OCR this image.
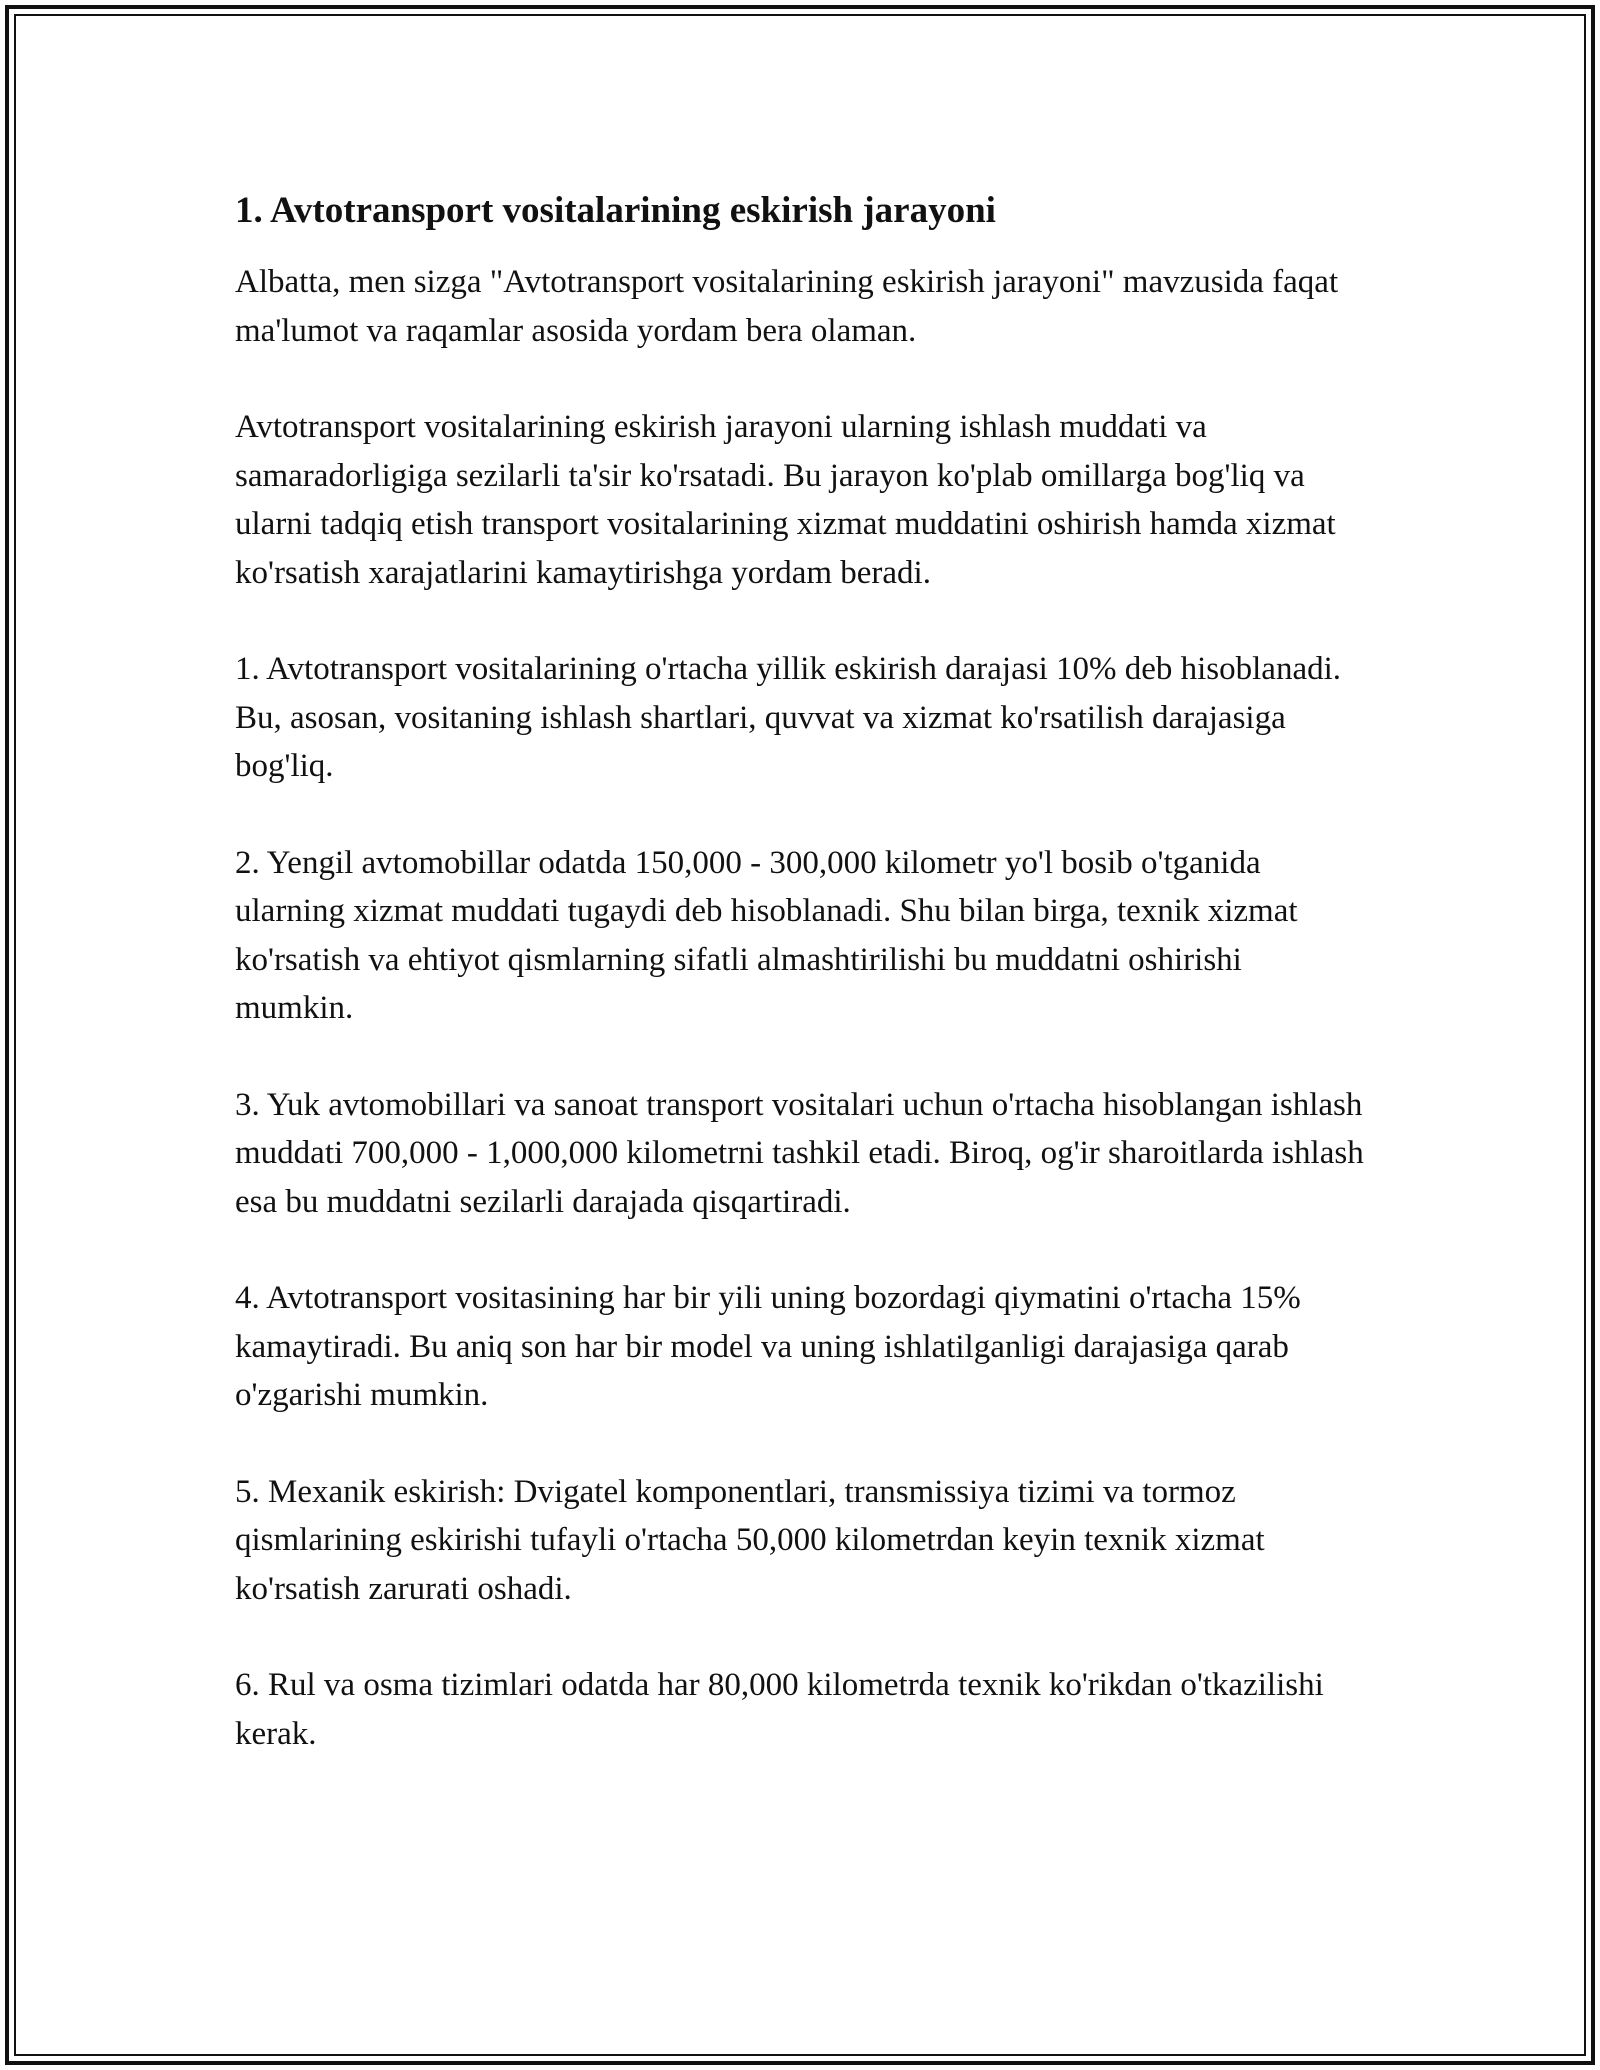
1. Avtotransport vositalarining eskirish jarayoni

Albatta, men sizga "Avtotransport vositalarining eskirish jarayoni" mavzusida faqat ma'lumot va raqamlar asosida yordam bera olaman.

Avtotransport vositalarining eskirish jarayoni ularning ishlash muddati va samaradorligiga sezilarli ta'sir ko'rsatadi. Bu jarayon ko'plab omillarga bog'liq va ularni tadqiq etish transport vositalarining xizmat muddatini oshirish hamda xizmat ko'rsatish xarajatlarini kamaytirishga yordam beradi.

1. Avtotransport vositalarining o'rtacha yillik eskirish darajasi 10% deb hisoblanadi. Bu, asosan, vositaning ishlash shartlari, quvvat va xizmat ko'rsatilish darajasiga bog'liq.

2. Yengil avtomobillar odatda 150,000 - 300,000 kilometr yo'l bosib o'tganida ularning xizmat muddati tugaydi deb hisoblanadi. Shu bilan birga, texnik xizmat ko'rsatish va ehtiyot qismlarning sifatli almashtirilishi bu muddatni oshirishi mumkin.

3. Yuk avtomobillari va sanoat transport vositalari uchun o'rtacha hisoblangan ishlash muddati 700,000 - 1,000,000 kilometrni tashkil etadi. Biroq, og'ir sharoitlarda ishlash esa bu muddatni sezilarli darajada qisqartiradi.

4. Avtotransport vositasining har bir yili uning bozordagi qiymatini o'rtacha 15% kamaytiradi. Bu aniq son har bir model va uning ishlatilganligi darajasiga qarab o'zgarishi mumkin.

5. Mexanik eskirish: Dvigatel komponentlari, transmissiya tizimi va tormoz qismlarining eskirishi tufayli o'rtacha 50,000 kilometrdan keyin texnik xizmat ko'rsatish zarurati oshadi.

6. Rul va osma tizimlari odatda har 80,000 kilometrda texnik ko'rikdan o'tkazilishi kerak.
